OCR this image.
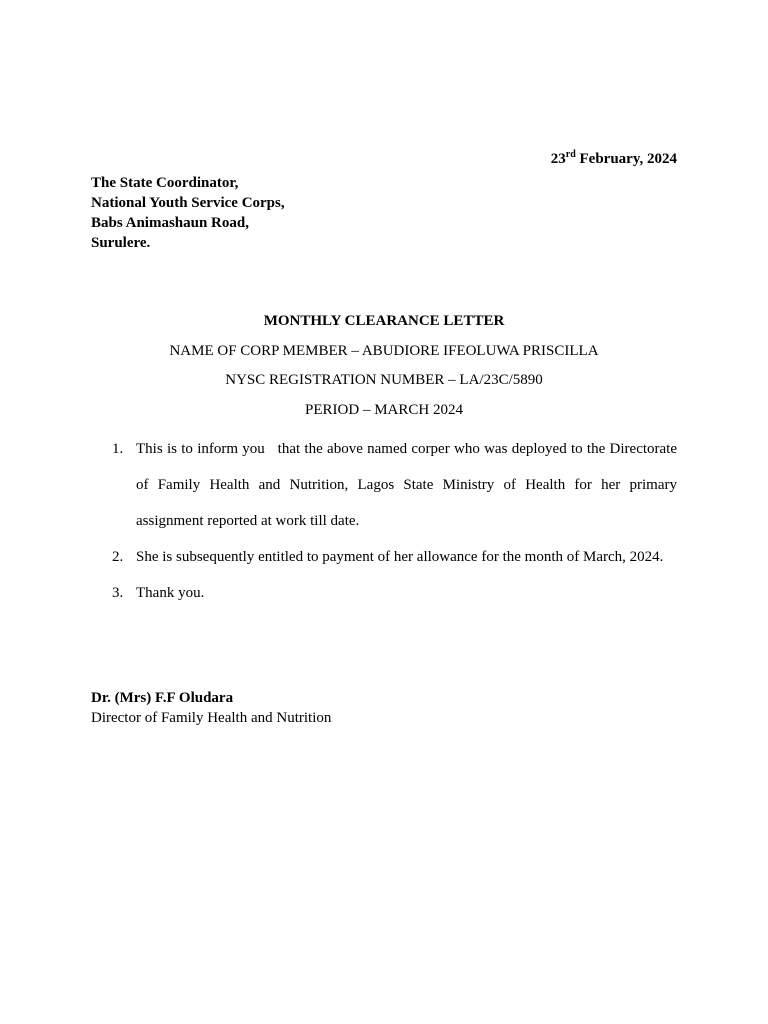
23rd February, 2024
The State Coordinator,
National Youth Service Corps,
Babs Animashaun Road,
Surulere.
MONTHLY CLEARANCE LETTER
NAME OF CORP MEMBER – ABUDIORE IFEOLUWA PRISCILLA
NYSC REGISTRATION NUMBER – LA/23C/5890
PERIOD – MARCH 2024
1. This is to inform you   that the above named corper who was deployed to the Directorate of Family Health and Nutrition, Lagos State Ministry of Health for her primary assignment reported at work till date.
2. She is subsequently entitled to payment of her allowance for the month of March, 2024.
3. Thank you.
Dr. (Mrs) F.F Oludara
Director of Family Health and Nutrition
